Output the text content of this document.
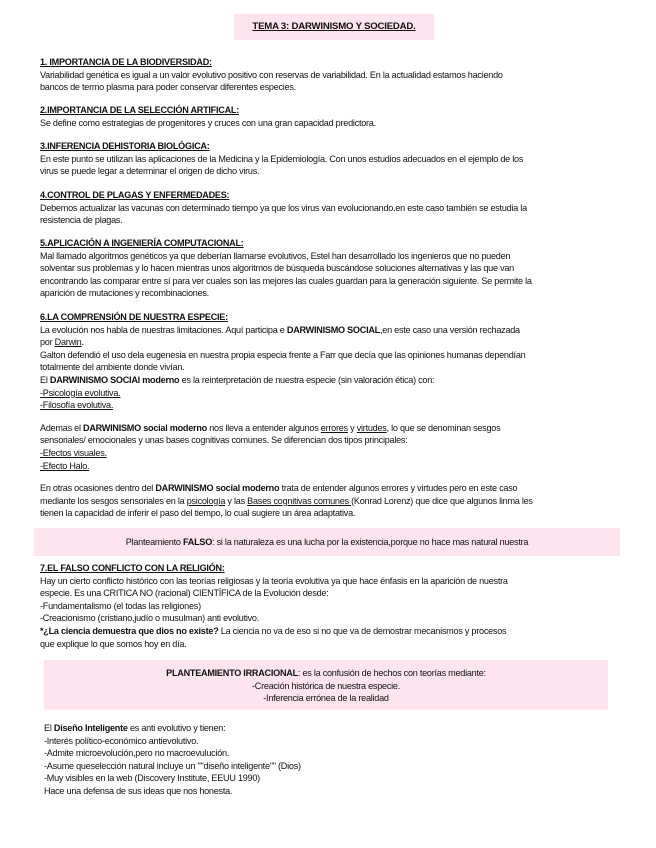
TEMA 3: DARWINISMO Y SOCIEDAD.

1. IMPORTANCIA DE LA BIODIVERSIDAD:

Variabilidad genética es igual a un valor evolutivo positivo con reservas de variabilidad. En la actualidad estamos haciendo

bancos de termo plasma para poder conservar diferentes especies.

2.IMPORTANCIA DE LA SELECCIÓN ARTIFICAL:

Se define como estrategias de progenitores y cruces con una gran capacidad predictora.

3.INFERENCIA DEHISTORIA BIOLÓGICA:

En este punto se utilizan las aplicaciones de la Medicina y la Epidemiología. Con unos estudios adecuados en el ejemplo de los

virus se puede legar a determinar el origen de dicho virus.

4.CONTROL DE PLAGAS Y ENFERMEDADES:

Debemos actualizar las vacunas con determinado tiempo ya que los virus van evolucionando.en este caso también se estudia la

resistencia de plagas.

5.APLICACIÓN A INGENIERÍA COMPUTACIONAL:

Mal llamado algoritmos genéticos ya que deberían llamarse evolutivos, Estel han desarrollado los ingenieros que no pueden

solventar sus problemas y lo hacen mientras unos algoritmos de búsqueda buscándose soluciones alternativas y las que van

encontrando las comparar entre sí para ver cuales son las mejores las cuales guardan para la generación siguiente. Se permite la

aparición de mutaciones y recombinaciones.

6.LA COMPRENSIÓN DE NUESTRA ESPECIE:

La evolución nos habla de nuestras limitaciones. Aquí participa e DARWINISMO SOCIAL,en este caso una versión rechazada

por Darwin.

Galton defendió el uso dela eugenesia en nuestra propia especia frente a Farr que decía que las opiniones humanas dependían

totalmente del ambiente donde vivían.

El DARWINISMO SOCIAl moderno es la reinterpretación de nuestra especie (sin valoración ética) con:

-Psicología evolutiva.

-Filosofía evolutiva.

Ademas el DARWINISMO social moderno nos lleva a entender algunos errores y virtudes, lo que se denominan sesgos

sensoriales/ emocionales y unas bases cognitivas comunes. Se diferencian dos tipos principales:

-Efectos visuales.

-Efecto Halo.

En otras ocasiones dentro del DARWINISMO social moderno trata de entender algunos errores y virtudes pero en este caso

mediante los sesgos sensoriales en la psicología y las Bases cognitivas comunes (Konrad Lorenz) que dice que algunos linma les

tienen la capacidad de inferir el paso del tiempo, lo cual sugiere un área adaptativa.

Planteamiento FALSO: si la naturaleza es una lucha por la existencia,porque no hace mas natural nuestra

7.EL FALSO CONFLICTO CON LA RELIGIÓN:

Hay un cierto conflicto histórico con las teorías religiosas y la teoría evolutiva ya que hace énfasis en la aparición de nuestra

especie. Es una CRITICA NO (racional) CIENTÍFICA de la Evolución desde:

-Fundamentalismo (el todas las religiones)

-Creacionismo (cristiano,judío o musulman) anti evolutivo.

*¿La ciencia demuestra que dios no existe? La ciencia no va de eso si no que va de demostrar mecanismos y procesos

que explique lo que somos hoy en día.

PLANTEAMIENTO IRRACIONAL: es la confusión de hechos con teorías mediante:

-Creación histórica de nuestra especie.

-Inferencia errónea de la realidad

El Diseño Inteligente es anti evolutivo y tienen:

-Interés político-económico antievolutivo.

-Admite microevolución,pero no macroevulución.

-Asume queselección natural incluye un ""diseño inteligente"" (Dios)

-Muy visibles en la web (Discovery Institute, EEUU 1990)

Hace una defensa de sus ideas que nos honesta.
